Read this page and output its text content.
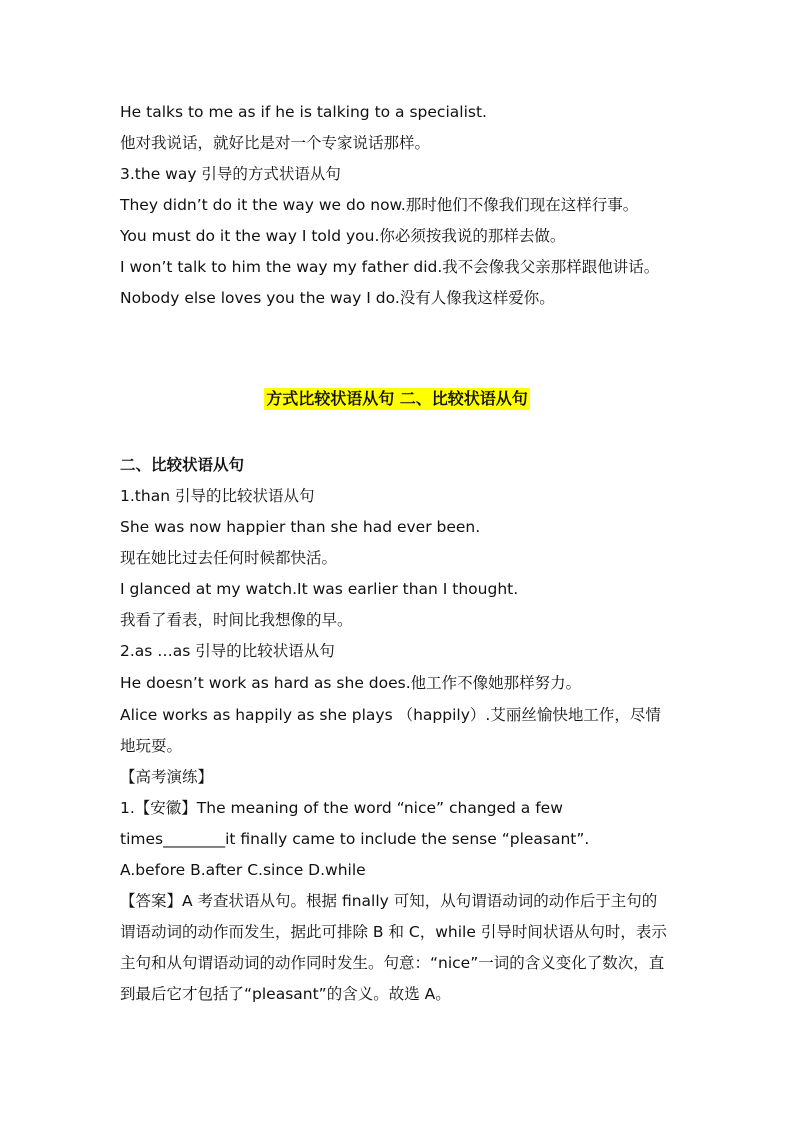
He talks to me as if he is talking to a specialist.
他对我说话，就好比是对一个专家说话那样。
3.the way 引导的方式状语从句
They didn’t do it the way we do now.那时他们不像我们现在这样行事。
You must do it the way I told you.你必须按我说的那样去做。
I won’t talk to him the way my father did.我不会像我父亲那样跟他讲话。
Nobody else loves you the way I do.没有人像我这样爱你。
方式比较状语从句 二、比较状语从句
二、比较状语从句
1.than 引导的比较状语从句
She was now happier than she had ever been.
现在她比过去任何时候都快活。
I glanced at my watch.It was earlier than I thought.
我看了看表，时间比我想像的早。
2.as …as 引导的比较状语从句
He doesn’t work as hard as she does.他工作不像她那样努力。
Alice works as happily as she plays （happily）.艾丽丝愉快地工作，尽情
地玩耍。
【高考演练】
1.【安徽】The meaning of the word “nice” changed a few
times________it finally came to include the sense “pleasant”.
A.before B.after C.since D.while
【答案】A 考查状语从句。根据 finally 可知，从句谓语动词的动作后于主句的
谓语动词的动作而发生，据此可排除 B 和 C，while 引导时间状语从句时，表示
主句和从句谓语动词的动作同时发生。句意：“nice”一词的含义变化了数次，直
到最后它才包括了“pleasant”的含义。故选 A。
